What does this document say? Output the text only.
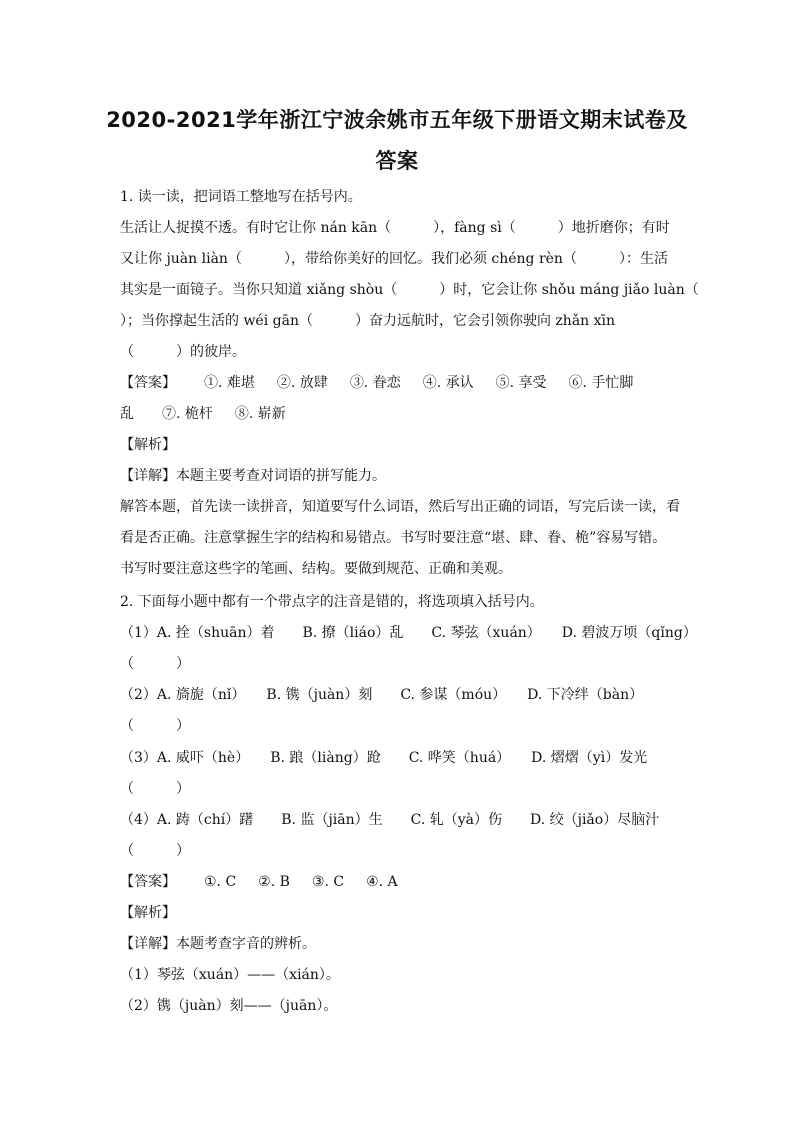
2020-2021学年浙江宁波余姚市五年级下册语文期末试卷及
答案
1. 读一读，把词语工整地写在括号内。
生活让人捉摸不透。有时它让你 nán kān（　　　），fàng sì（　　　）地折磨你；有时
又让你 juàn liàn（　　　），带给你美好的回忆。我们必须 chéng rèn（　　　）：生活
其实是一面镜子。当你只知道 xiǎng shòu（　　　）时，它会让你 shǒu máng jiǎo luàn（
）；当你撑起生活的 wéi gān（　　　）奋力远航时，它会引领你驶向 zhǎn xīn
（　　　）的彼岸。
【答案】 ①. 难堪 ②. 放肆 ③. 眷恋 ④. 承认 ⑤. 享受 ⑥. 手忙脚
乱 ⑦. 桅杆 ⑧. 崭新
【解析】
【详解】本题主要考查对词语的拼写能力。
解答本题，首先读一读拼音，知道要写什么词语，然后写出正确的词语，写完后读一读，看
看是否正确。注意掌握生字的结构和易错点。书写时要注意“堪、肆、眷、桅”容易写错。
书写时要注意这些字的笔画、结构。要做到规范、正确和美观。
2. 下面每小题中都有一个带点字的注音是错的，将选项填入括号内。
（1）A. 拴（shuān）着　　B. 撩（liáo）乱　　C. 琴弦（xuán）　　D. 碧波万顷（qǐng）
（　　　）
（2）A. 旖旎（nǐ）　　B. 镌（juàn）刻　　C. 参谋（móu）　　D. 下冷绊（bàn）
（　　　）
（3）A. 威吓（hè）　　B. 踉（liàng）跄　　C. 哗笑（huá）　　D. 熠熠（yì）发光
（　　　）
（4）A. 踌（chí）躇　　B. 监（jiān）生　　C. 轧（yà）伤　　D. 绞（jiǎo）尽脑汁
（　　　）
【答案】 ①. C ②. B ③. C ④. A
【解析】
【详解】本题考查字音的辨析。
（1）琴弦（xuán）——（xián）。
（2）镌（juàn）刻——（juān）。
